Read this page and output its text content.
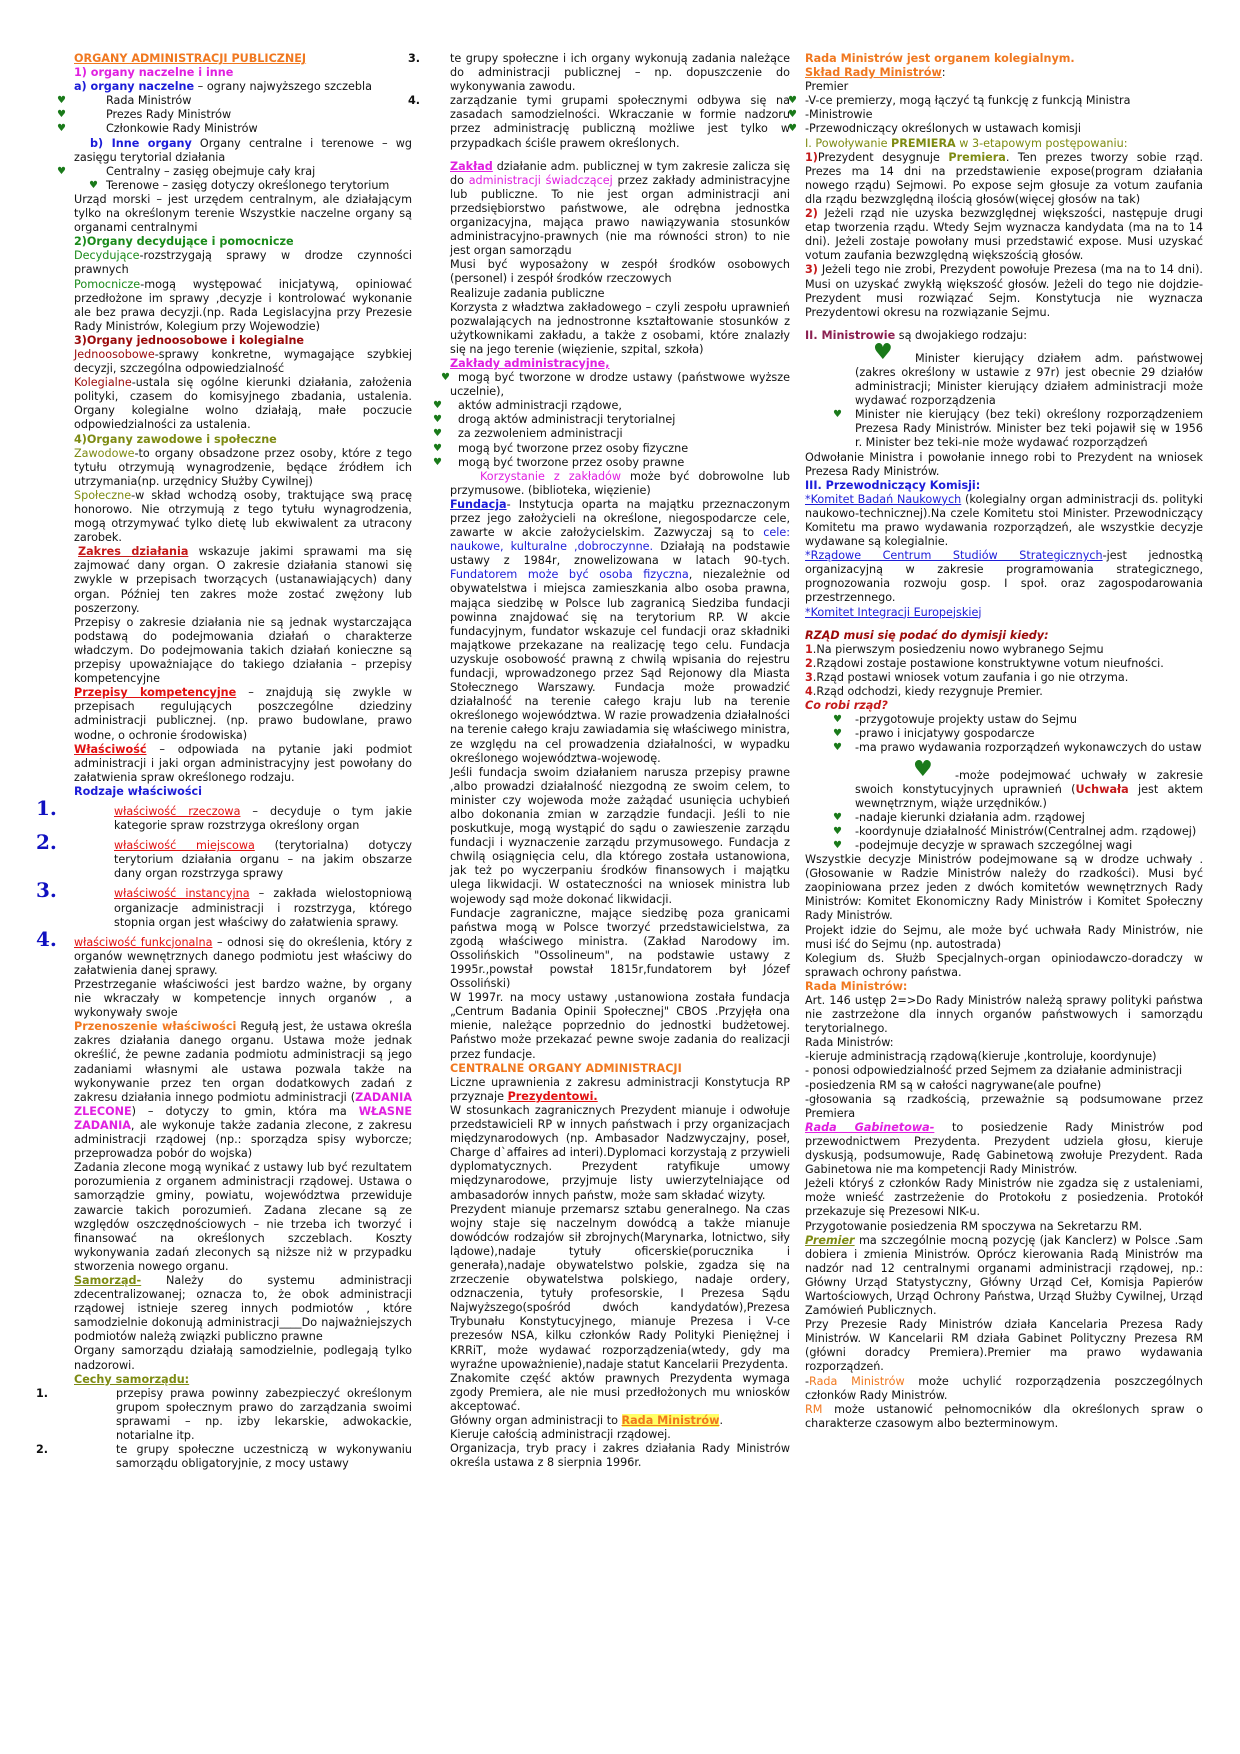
ORGANY ADMINISTRACJI PUBLICZNEJ

1) organy naczelne i inne

a) organy naczelne – ograny najwyższego szczebla

♥ Rada Ministrów

♥ Prezes Rady Ministrów

♥ Członkowie Rady Ministrów

b) Inne organy Organy centralne i terenowe – wg zasięgu terytorial działania

♥ Centralny – zasięg obejmuje cały kraj

♥ Terenowe – zasięg dotyczy określonego terytorium

Urząd morski – jest urzędem centralnym, ale działającym tylko na określonym terenie Wszystkie naczelne organy są organami centralnymi

2)Organy decydujące i pomocnicze

Decydujące-rozstrzygają sprawy w drodze czynności prawnych

Pomocnicze-mogą występować inicjatywą, opiniować przedłożone im sprawy ,decyzje i kontrolować wykonanie ale bez prawa decyzji.(np. Rada Legislacyjna przy Prezesie Rady Ministrów, Kolegium przy Wojewodzie)

3)Organy jednoosobowe i kolegialne

Jednoosobowe-sprawy konkretne, wymagające szybkiej decyzji, szczególna odpowiedzialność

Kolegialne-ustala się ogólne kierunki działania, założenia polityki, czasem do komisyjnego zbadania, ustalenia. Organy kolegialne wolno działają, małe poczucie odpowiedzialności za ustalenia.

4)Organy zawodowe i społeczne

Zawodowe-to organy obsadzone przez osoby, które z tego tytułu otrzymują wynagrodzenie, będące źródłem ich utrzymania(np. urzędnicy Służby Cywilnej)

Społeczne-w skład wchodzą osoby, traktujące swą pracę honorowo. Nie otrzymują z tego tytułu wynagrodzenia, mogą otrzymywać tylko dietę lub ekwiwalent za utracony zarobek.

Zakres działania wskazuje jakimi sprawami ma się zajmować dany organ. O zakresie działania stanowi się zwykle w przepisach tworzących (ustanawiających) dany organ. Później ten zakres może zostać zwężony lub poszerzony.

Przepisy o zakresie działania nie są jednak wystarczająca podstawą do podejmowania działań o charakterze władczym. Do podejmowania takich działań konieczne są przepisy upoważniające do takiego działania – przepisy kompetencyjne

Przepisy kompetencyjne – znajdują się zwykle w przepisach regulujących poszczególne dziedziny administracji publicznej. (np. prawo budowlane, prawo wodne, o ochronie środowiska)

Właściwość – odpowiada na pytanie jaki podmiot administracji i jaki organ administracyjny jest powołany do załatwienia spraw określonego rodzaju.

Rodzaje właściwości

1.	właściwość rzeczowa – decyduje o tym jakie kategorie spraw rozstrzyga określony organ
2.	właściwość miejscowa (terytorialna) dotyczy terytorium działania organu – na jakim obszarze dany organ rozstrzyga sprawy
3.	właściwość instancyjna – zakłada wielostopniową organizacje administracji i rozstrzyga, którego stopnia organ jest właściwy do załatwienia sprawy.
4. właściwość funkcjonalna – odnosi się do określenia, który z organów wewnętrznych danego podmiotu jest właściwy do załatwienia danej sprawy.

Przestrzeganie właściwości jest bardzo ważne, by organy nie wkraczały w kompetencje innych organów , a wykonywały swoje

Przenoszenie właściwości Regułą jest, że ustawa określa zakres działania danego organu. Ustawa może jednak określić, że pewne zadania podmiotu administracji są jego zadaniami własnymi ale ustawa pozwala także na wykonywanie przez ten organ dodatkowych zadań z zakresu działania innego podmiotu administracji (ZADANIA ZLECONE) – dotyczy to gmin, która ma WŁASNE ZADANIA, ale wykonuje także zadania zlecone, z zakresu administracji rządowej (np.: sporządza spisy wyborcze; przeprowadza pobór do wojska)

Zadania zlecone mogą wynikać z ustawy lub być rezultatem porozumienia z organem administracji rządowej. Ustawa o samorządzie gminy, powiatu, województwa przewiduje zawarcie takich porozumień. Zadana zlecane są ze względów oszczędnościowych – nie trzeba ich tworzyć i finansować na określonych szczeblach. Koszty wykonywania zadań zleconych są niższe niż w przypadku stworzenia nowego organu.

Samorząd- Należy do systemu administracji zdecentralizowanej; oznacza to, że obok administracji rządowej istnieje szereg innych podmiotów , które samodzielnie dokonują administracji____Do najważniejszych podmiotów należą związki publiczno prawne

Organy samorządu działają samodzielnie, podlegają tylko nadzorowi.

Cechy samorządu:

1.	przepisy prawa powinny zabezpieczyć określonym grupom społecznym prawo do zarządzania swoimi sprawami – np. izby lekarskie, adwokackie, notarialne itp.
2.	te grupy społeczne uczestniczą w wykonywaniu samorządu obligatoryjnie, z mocy ustawy
3.	te grupy społeczne i ich organy wykonują zadania należące do administracji publicznej – np. dopuszczenie do wykonywania zawodu.
4.	zarządzanie tymi grupami społecznymi odbywa się na zasadach samodzielności. Wkraczanie w formie nadzoru przez administrację publiczną możliwe jest tylko w przypadkach ściśle prawem określonych.

Zakład działanie adm. publicznej w tym zakresie zalicza się do administracji świadczącej przez zakłady administracyjne lub publiczne. To nie jest organ administracji ani przedsiębiorstwo państwowe, ale odrębna jednostka organizacyjna, mająca prawo nawiązywania stosunków administracyjno-prawnych (nie ma równości stron) to nie jest organ samorządu

Musi być wyposażony w zespół środków osobowych (personel) i zespół środków rzeczowych

Realizuje zadania publiczne

Korzysta z władztwa zakładowego – czyli zespołu uprawnień pozwalających na jednostronne kształtowanie stosunków z użytkownikami zakładu, a także z osobami, które znalazły się na jego terenie (więzienie, szpital, szkoła)

Zakłady administracyjne,

♥ mogą być tworzone w drodze ustawy (państwowe wyższe uczelnie),

♥ aktów administracji rządowe,

♥ drogą aktów administracji terytorialnej

♥ za zezwoleniem administracji

♥ mogą być tworzone przez osoby fizyczne

♥ mogą być tworzone przez osoby prawne

Korzystanie z zakładów może być dobrowolne lub przymusowe. (biblioteka, więzienie)

Fundacja- Instytucja oparta na majątku przeznaczonym przez jego założycieli na określone, niegospodarcze cele, zawarte w akcie założycielskim. Zazwyczaj są to cele: naukowe, kulturalne ,dobroczynne. Działają na podstawie ustawy z 1984r, znowelizowana w latach 90-tych. Fundatorem może być osoba fizyczna, niezależnie od obywatelstwa i miejsca zamieszkania albo osoba prawna, mająca siedzibę w Polsce lub zagranicą Siedziba fundacji powinna znajdować się na terytorium RP. W akcie fundacyjnym, fundator wskazuje cel fundacji oraz składniki majątkowe przekazane na realizację tego celu. Fundacja uzyskuje osobowość prawną z chwilą wpisania do rejestru fundacji, wprowadzonego przez Sąd Rejonowy dla Miasta Stołecznego Warszawy. Fundacja może prowadzić działalność na terenie całego kraju lub na terenie określonego województwa. W razie prowadzenia działalności na terenie całego kraju zawiadamia się właściwego ministra, ze względu na cel prowadzenia działalności, w wypadku określonego województwa-wojewodę.

Jeśli fundacja swoim działaniem narusza przepisy prawne ,albo prowadzi działalność niezgodną ze swoim celem, to minister czy wojewoda może zażądać usunięcia uchybień albo dokonania zmian w zarządzie fundacji. Jeśli to nie poskutkuje, mogą wystąpić do sądu o zawieszenie zarządu fundacji i wyznaczenie zarządu przymusowego. Fundacja z chwilą osiągnięcia celu, dla którego została ustanowiona, jak też po wyczerpaniu środków finansowych i majątku ulega likwidacji. W ostateczności na wniosek ministra lub wojewody sąd może dokonać likwidacji.

Fundacje zagraniczne, mające siedzibę poza granicami państwa mogą w Polsce tworzyć przedstawicielstwa, za zgodą właściwego ministra. (Zakład Narodowy im. Ossolińskich "Ossolineum", na podstawie ustawy z 1995r.,powstał powstał 1815r,fundatorem był Józef Ossoliński)

W 1997r. na mocy ustawy ,ustanowiona została fundacja „Centrum Badania Opinii Społecznej" CBOS .Przyjęła ona mienie, należące poprzednio do jednostki budżetowej. Państwo może przekazać pewne swoje zadania do realizacji przez fundacje.

CENTRALNE ORGANY ADMINISTRACJI

Liczne uprawnienia z zakresu administracji Konstytucja RP przyznaje Prezydentowi.

W stosunkach zagranicznych Prezydent mianuje i odwołuje przedstawicieli RP w innych państwach i przy organizacjach międzynarodowych (np. Ambasador Nadzwyczajny, poseł, Charge d`affaires ad interi).Dyplomaci korzystają z przywieli dyplomatycznych. Prezydent ratyfikuje umowy międzynarodowe, przyjmuje listy uwierzytelniające od ambasadorów innych państw, może sam składać wizyty.

Prezydent mianuje przemarsz sztabu generalnego. Na czas wojny staje się naczelnym dowódcą a także mianuje dowódców rodzajów sił zbrojnych(Marynarka, lotnictwo, siły lądowe),nadaje tytuły oficerskie(porucznika i generała),nadaje obywatelstwo polskie, zgadza się na zrzeczenie obywatelstwa polskiego, nadaje ordery, odznaczenia, tytuły profesorskie, I Prezesa Sądu Najwyższego(spośród dwóch kandydatów),Prezesa Trybunału Konstytucyjnego, mianuje Prezesa i V-ce prezesów NSA, kilku członków Rady Polityki Pieniężnej i KRRiT, może wydawać rozporządzenia(wtedy, gdy ma wyraźne upoważnienie),nadaje statut Kancelarii Prezydenta.

Znakomite część aktów prawnych Prezydenta wymaga zgody Premiera, ale nie musi przedłożonych mu wniosków akceptować.

Główny organ administracji to Rada Ministrów.

Kieruje całością administracji rządowej.

Organizacja, tryb pracy i zakres działania Rady Ministrów określa ustawa z 8 sierpnia 1996r.

Rada Ministrów jest organem kolegialnym.

Skład Rady Ministrów:

Premier

♥ -V-ce premierzy, mogą łączyć tą funkcję z funkcją Ministra

♥ -Ministrowie

♥ -Przewodniczący określonych w ustawach komisji

I. Powoływanie PREMIERA w 3-etapowym postępowaniu:

1)Prezydent desygnuje Premiera. Ten prezes tworzy sobie rząd. Prezes ma 14 dni na przedstawienie expose(program działania nowego rządu) Sejmowi. Po expose sejm głosuje za votum zaufania dla rządu bezwzględną ilością głosów(więcej głosów na tak)

2) Jeżeli rząd nie uzyska bezwzględnej większości, następuje drugi etap tworzenia rządu. Wtedy Sejm wyznacza kandydata (ma na to 14 dni). Jeżeli zostaje powołany musi przedstawić expose. Musi uzyskać votum zaufania bezwzględną większością głosów.

3) Jeżeli tego nie zrobi, Prezydent powołuje Prezesa (ma na to 14 dni). Musi on uzyskać zwykłą większość głosów. Jeżeli do tego nie dojdzie-Prezydent musi rozwiązać Sejm. Konstytucja nie wyznacza Prezydentowi okresu na rozwiązanie Sejmu.

II. Ministrowie są dwojakiego rodzaju:

♥ Minister kierujący działem adm. państwowej (zakres określony w ustawie z 97r) jest obecnie 29 działów administracji; Minister kierujący działem administracji może wydawać rozporządzenia

♥ Minister nie kierujący (bez teki) określony rozporządzeniem Prezesa Rady Ministrów. Minister bez teki pojawił się w 1956 r. Minister bez teki-nie może wydawać rozporządzeń

Odwołanie Ministra i powołanie innego robi to Prezydent na wniosek Prezesa Rady Ministrów.

III. Przewodniczący Komisji:

*Komitet Badań Naukowych (kolegialny organ administracji ds. polityki naukowo-technicznej).Na czele Komitetu stoi Minister. Przewodniczący Komitetu ma prawo wydawania rozporządzeń, ale wszystkie decyzje wydawane są kolegialnie.

*Rządowe Centrum Studiów Strategicznych-jest jednostką organizacyjną w zakresie programowania strategicznego, prognozowania rozwoju gosp. I społ. oraz zagospodarowania przestrzennego.

*Komitet Integracji Europejskiej

RZĄD musi się podać do dymisji kiedy:

1.Na pierwszym posiedzeniu nowo wybranego Sejmu

2.Rządowi zostaje postawione konstruktywne votum nieufności.

3.Rząd postawi wniosek votum zaufania i go nie otrzyma.

4.Rząd odchodzi, kiedy rezygnuje Premier.

Co robi rząd?

♥ -przygotowuje projekty ustaw do Sejmu

♥ -prawo i inicjatywy gospodarcze

♥ -ma prawo wydawania rozporządzeń wykonawczych do ustaw

♥ -może podejmować uchwały w zakresie swoich konstytucyjnych uprawnień (Uchwała jest aktem wewnętrznym, wiąże urzędników.)

♥ -nadaje kierunki działania adm. rządowej

♥ -koordynuje działalność Ministrów(Centralnej adm. rządowej)

♥ -podejmuje decyzje w sprawach szczególnej wagi

Wszystkie decyzje Ministrów podejmowane są w drodze uchwały .(Głosowanie w Radzie Ministrów należy do rzadkości). Musi być zaopiniowana przez jeden z dwóch komitetów wewnętrznych Rady Ministrów: Komitet Ekonomiczny Rady Ministrów i Komitet Społeczny Rady Ministrów.

Projekt idzie do Sejmu, ale może być uchwała Rady Ministrów, nie musi iść do Sejmu (np. autostrada)

Kolegium ds. Służb Specjalnych-organ opiniodawczo-doradczy w sprawach ochrony państwa.

Rada Ministrów:

Art. 146 ustęp 2=>Do Rady Ministrów należą sprawy polityki państwa nie zastrzeżone dla innych organów państwowych i samorządu terytorialnego.

Rada Ministrów:

-kieruje administracją rządową(kieruje ,kontroluje, koordynuje)

- ponosi odpowiedzialność przed Sejmem za działanie administracji

-posiedzenia RM są w całości nagrywane(ale poufne)

-głosowania są rzadkością, przeważnie są podsumowane przez Premiera

Rada Gabinetowa- to posiedzenie Rady Ministrów pod przewodnictwem Prezydenta. Prezydent udziela głosu, kieruje dyskusją, podsumowuje, Radę Gabinetową zwołuje Prezydent. Rada Gabinetowa nie ma kompetencji Rady Ministrów.

Jeżeli któryś z członków Rady Ministrów nie zgadza się z ustaleniami, może wnieść zastrzeżenie do Protokołu z posiedzenia. Protokół przekazuje się Prezesowi NIK-u.

Przygotowanie posiedzenia RM spoczywa na Sekretarzu RM.

Premier ma szczególnie mocną pozycję (jak Kanclerz) w Polsce .Sam dobiera i zmienia Ministrów. Oprócz kierowania Radą Ministrów ma nadzór nad 12 centralnymi organami administracji rządowej, np.: Główny Urząd Statystyczny, Główny Urząd Ceł, Komisja Papierów Wartościowych, Urząd Ochrony Państwa, Urząd Służby Cywilnej, Urząd Zamówień Publicznych.

Przy Prezesie Rady Ministrów działa Kancelaria Prezesa Rady Ministrów. W Kancelarii RM działa Gabinet Polityczny Prezesa RM (główni doradcy Premiera).Premier ma prawo wydawania rozporządzeń.

-Rada Ministrów może uchylić rozporządzenia poszczególnych członków Rady Ministrów.

RM może ustanowić pełnomocników dla określonych spraw o charakterze czasowym albo bezterminowym.
